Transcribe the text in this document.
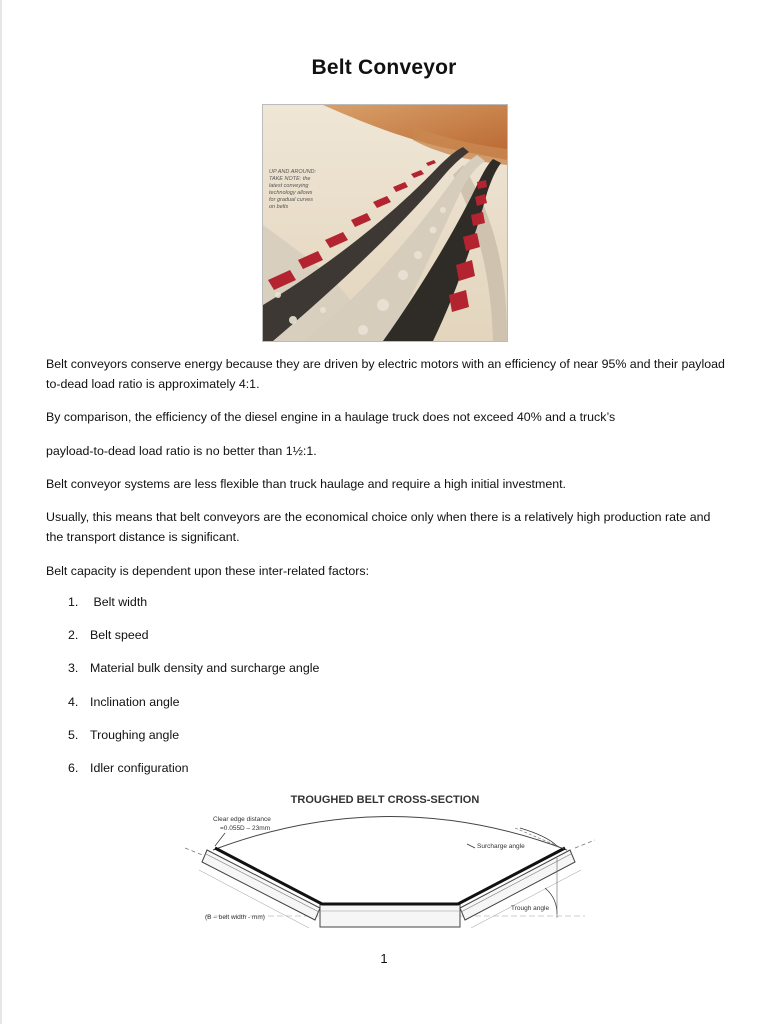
Belt Conveyor
UP AND AROUND:
TAKE NOTE: the
latest conveying
technology allows
for gradual curves
on belts

Belt conveyors conserve energy because they are driven by electric motors with an efficiency of near 95% and their payload to-dead load ratio is approximately 4:1.

By comparison, the efficiency of the diesel engine in a haulage truck does not exceed 40% and a truck’s

payload-to-dead load ratio is no better than 1½:1.

Belt conveyor systems are less flexible than truck haulage and require a high initial investment.

Usually, this means that belt conveyors are the economical choice only when there is a relatively high production rate and the transport distance is significant.

Belt capacity is dependent upon these inter-related factors:

1. Belt width
2. Belt speed
3. Material bulk density and surcharge angle
4. Inclination angle
5. Troughing angle
6. Idler configuration
TROUGHED BELT CROSS-SECTION
Clear edge distance
=0.055D – 23mm
Surcharge angle
Trough angle
(B – belt width - mm)
1
